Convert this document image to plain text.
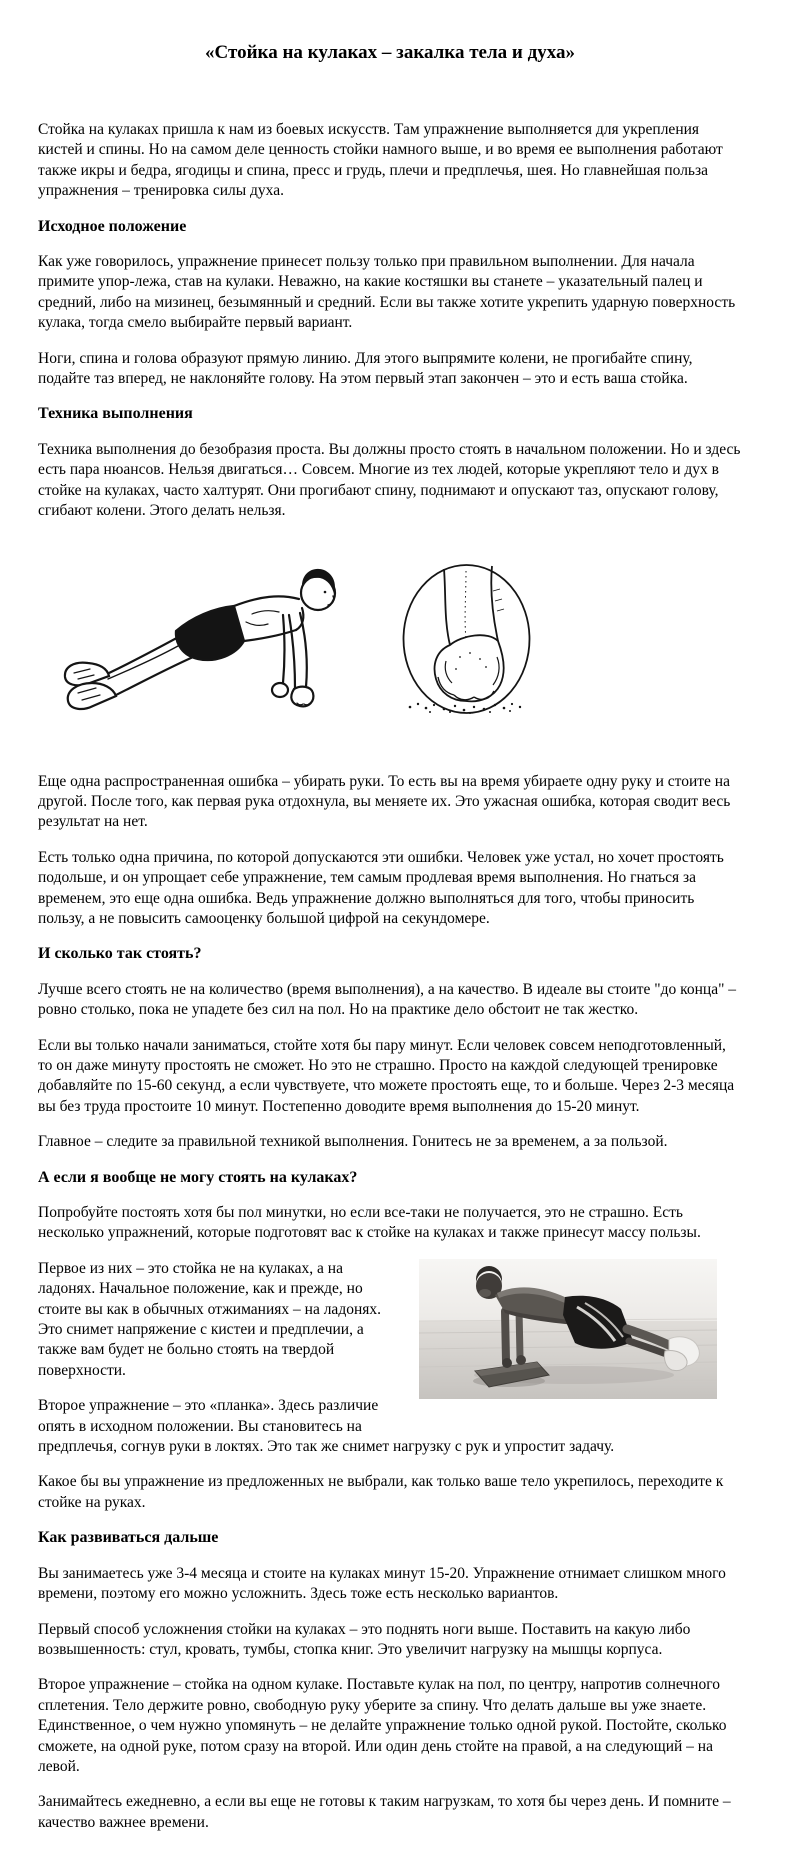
«Стойка на кулаках – закалка тела и духа»

Стойка на кулаках пришла к нам из боевых искусств. Там упражнение выполняется для укрепления кистей и спины. Но на самом деле ценность стойки намного выше, и во время ее выполнения работают также икры и бедра, ягодицы и спина, пресс и грудь, плечи и предплечья, шея. Но главнейшая польза упражнения – тренировка силы духа.

Исходное положение

Как уже говорилось, упражнение принесет пользу только при правильном выполнении. Для начала примите упор-лежа, став на кулаки. Неважно, на какие костяшки вы станете – указательный палец и средний, либо на мизинец, безымянный и средний. Если вы также хотите укрепить ударную поверхность кулака, тогда смело выбирайте первый вариант.

Ноги, спина и голова образуют прямую линию. Для этого выпрямите колени, не прогибайте спину, подайте таз вперед, не наклоняйте голову. На этом первый этап закончен – это и есть ваша стойка.

Техника выполнения

Техника выполнения до безобразия проста. Вы должны просто стоять в начальном положении. Но и здесь есть пара нюансов. Нельзя двигаться… Совсем. Многие из тех людей, которые укрепляют тело и дух в стойке на кулаках, часто халтурят. Они прогибают спину, поднимают и опускают таз, опускают голову, сгибают колени. Этого делать нельзя.

Еще одна распространенная ошибка – убирать руки. То есть вы на время убираете одну руку и стоите на другой. После того, как первая рука отдохнула, вы меняете их. Это ужасная ошибка, которая сводит весь результат на нет.

Есть только одна причина, по которой допускаются эти ошибки. Человек уже устал, но хочет простоять подольше, и он упрощает себе упражнение, тем самым продлевая время выполнения. Но гнаться за временем, это еще одна ошибка. Ведь упражнение должно выполняться для того, чтобы приносить пользу, а не повысить самооценку большой цифрой на секундомере.

И сколько так стоять?

Лучше всего стоять не на количество (время выполнения), а на качество. В идеале вы стоите "до конца" – ровно столько, пока не упадете без сил на пол. Но на практике дело обстоит не так жестко.

Если вы только начали заниматься, стойте хотя бы пару минут. Если человек совсем неподготовленный, то он даже минуту простоять не сможет. Но это не страшно. Просто на каждой следующей тренировке добавляйте по 15-60 секунд, а если чувствуете, что можете простоять еще, то и больше. Через 2-3 месяца вы без труда простоите 10 минут. Постепенно доводите время выполнения до 15-20 минут.

Главное – следите за правильной техникой выполнения. Гонитесь не за временем, а за пользой.

А если я вообще не могу стоять на кулаках?

Попробуйте постоять хотя бы пол минутки, но если все-таки не получается, это не страшно. Есть несколько упражнений, которые подготовят вас к стойке на кулаках и также принесут массу пользы.

Первое из них – это стойка не на кулаках, а на ладонях. Начальное положение, как и прежде, но стоите вы как в обычных отжиманиях – на ладонях. Это снимет напряжение с кистеи и предплечии, а также вам будет не больно стоять на твердой поверхности.

Второе упражнение – это «планка». Здесь различие опять в исходном положении. Вы становитесь на предплечья, согнув руки в локтях. Это так же снимет нагрузку с рук и упростит задачу.

Какое бы вы упражнение из предложенных не выбрали, как только ваше тело укрепилось, переходите к стойке на руках.

Как развиваться дальше

Вы занимаетесь уже 3-4 месяца и стоите на кулаках минут 15-20. Упражнение отнимает слишком много времени, поэтому его можно усложнить. Здесь тоже есть несколько вариантов.

Первый способ усложнения стойки на кулаках – это поднять ноги выше. Поставить на какую либо возвышенность: стул, кровать, тумбы, стопка книг. Это увеличит нагрузку на мышцы корпуса.

Второе упражнение – стойка на одном кулаке. Поставьте кулак на пол, по центру, напротив солнечного сплетения. Тело держите ровно, свободную руку уберите за спину. Что делать дальше вы уже знаете. Единственное, о чем нужно упомянуть – не делайте упражнение только одной рукой. Постойте, сколько сможете, на одной руке, потом сразу на второй. Или один день стойте на правой, а на следующий – на левой.

Занимайтесь ежедневно, а если вы еще не готовы к таким нагрузкам, то хотя бы через день. И помните – качество важнее времени.
